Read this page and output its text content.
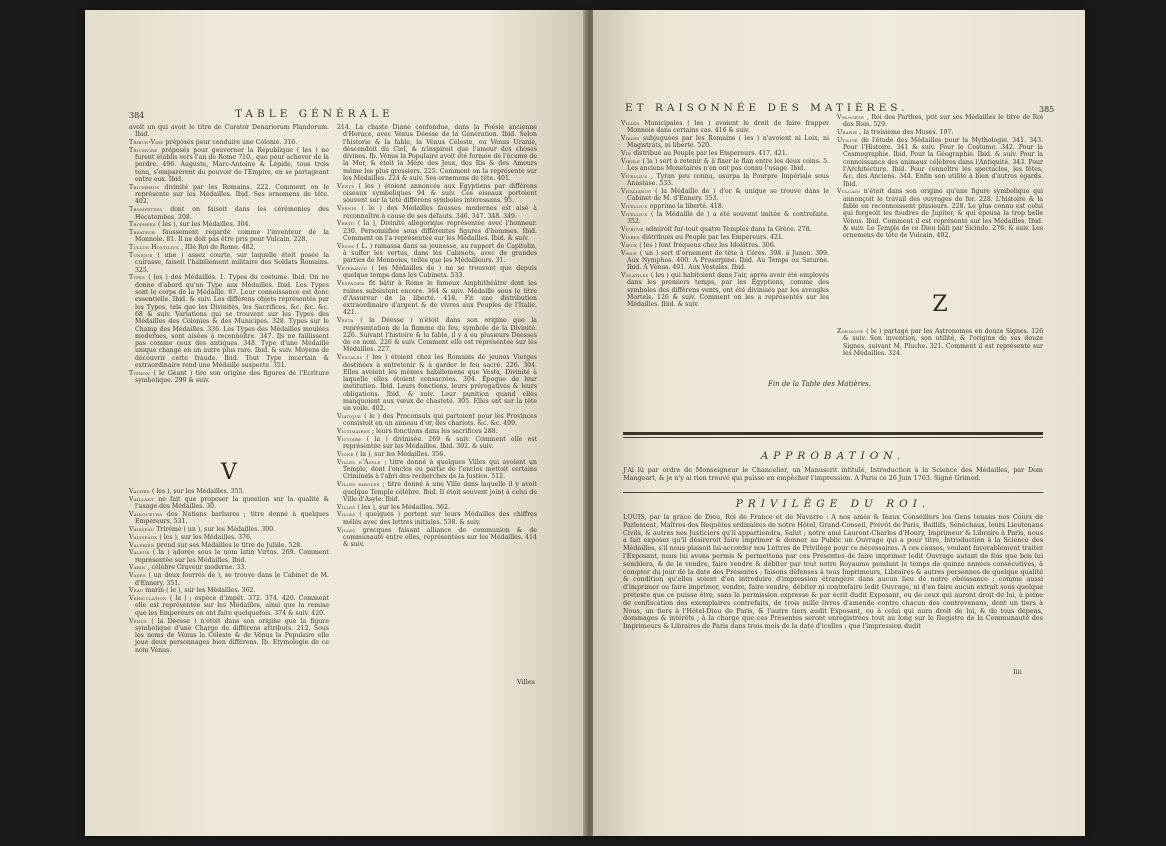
384	TABLE GÉNÉRALE

avoit un qui avoit le titre de Curator Denariorum Flandorum. Ibid.

Tribun-Vire préposés pour conduire une Colonie. 316.

Triumvire préposés pour gouverner la République ( les ) ne furent établis vers l'an de Rome 710., que pour achever de la perdre. 496. Auguste, Marc-Antoine & Lépide, tous trois tenu, s'emparèrent du pouvoir de l'Empire, en se partageant entre eux. Ibid.

Triumphus divinité par les Romains. 222. Comment on le représente sur les Médailles. Ibid. Ses ornemens de tête. 402.

Trompettes dont on faisoit dans les cérémonies des Hécatombes. 208.

Trophées ( les ), sur les Médailles. 304.

Trsateur faussement regardé comme l'inventeur de la Monnoie. 81. Il ne doit pas être pris pour Vulcain. 228.

Tullus Hostilius , IIIe Roi de Rome. 482.

Tunique ( une ) assez courte, sur laquelle étoit posée la cuirasse, faisoit l'habillement militaire des Soldats Romains. 325.

Types ( les ) des Médailles. 1. Types du costume. Ibid. On ne donne d'abord qu'un Type aux Médailles. Ibid. Les Types sont le corps de la Médaille. 67. Leur connoissance est donc essentielle. Ibid. & suiv. Les différens objets représentés par les Types, tels que les Divinités, les Sacrifices, &c. &c. &c. 68 & suiv. Variations qui se trouvent sur les Types des Médailles des Colonies & des Municipes. 328. Types sur le Champ des Médailles. 336. Les Types des Médailles moulées modernes, sont aisées à reconnoître. 347. Ils ne faillissent pas comme ceux des antiques. 348. Type d'une Médaille unique changé en un autre plus rare. Ibid. & suiv. Moyens de découvrir cette fraude. Ibid. Tout Type incertain & extraordinaire rend une Médaille suspecte. 351.

Typhon ( le Géant ) tire son origine des figures de l'Ecriture symbolique. 299 & suiv.

V

Vaches ( les ), sur les Médailles. 355.

Vaillant ne fait que proposer la question sur la qualité & l'usage des Médailles. 30.

Vainqueurs des Nations barbares ; titre donné à quelques Empereurs. 531.

Vaisseau Triréme ( un ), sur les Médailles. 390.

Vaisseaux ( les ), sur les Médailles. 376.

Valérien prend sur ses Médailles le titre de Jubile. 528.

Valeur ( la ) adorée sous le nom latin Virtus. 269. Comment représentée sur les Médailles. Ibid.

Varin , célèbre Graveur moderne. 33.

Vases ( un deux fourrés de ), se trouve dans le Cabinet de M. d'Ennery. 351.

Veau marin ( le ), sur les Médailles. 362.

Vehiculation ( la ) ; espèce d'impôt. 372. 374. 420. Comment elle est représentée sur les Médailles, ainsi que la remise que les Empereurs en ont faite quelquefois. 374 & suiv. 420.

Vénus ( la Déesse ) n'étoit dans son origine que la figure symbolique d'une Charge de différens attributs. 212. Sous les noms de Vénus la Céleste & de Vénus la Populaire elle joue deux personnages bien différens. Ib. Etymologie de ce nom Vénus.

214. La chaste Diane confondue, dans la Poésie ancienne d'Horace, avec Vénus Déesse de la Génération. Ibid. Selon l'historie & la fable, la Vénus Céleste, ou Vénus Uranie, descendoit du Ciel, & n'inspiroit que l'amour des choses divines. Ib. Vénus la Populaire avoit été formée de l'écume de la Mer, & étoit la Mère des Jeux, des Ris & des Amours même les plus grossiers. 225. Comment on la représente sur les Médailles. 224 & suiv. Ses ornemens de tête. 401.

Vents ( les ) étoient annoncés aux Égyptiens par différens oiseaux symboliques 94 & suiv. Ces oiseaux portoient souvent sur la tête différens symboles intéressans. 95.

Vernis ( le ) des Médailles fausses modernes est aisé à reconnoître à cause de ses défauts. 346. 347. 348. 349.

Vertu ( la ), Divinité allégorique représentée avec l'honneur. 230. Personnifiée sous différentes figures d'hommes. Ibid. Comment on l'a représentée sur les Médailles. Ibid. & suiv.

Vesos ( L. ) ramassa dans sa jeunesse, au rapport de Capitolin, à suffer les vertus, dans les Cabinets, avec de grandes parties de Monnoies, telles que les Médailleurs. 31.

Vétérance ( les Médailles de ) ne se trouvent que depuis quelque temps dans les Cabinets. 533.

Vespasien fit bâtir à Rome le fameux Amphithéâtre dont les ruines subsistent encore. 364 & suiv. Médaille sous le titre d'Assureur de la liberté. 418. Fit une distribution extraordinaire d'argent & de vivres aux Peuples de l'Italie. 421.

Vesta ( la Déesse ) n'étoit dans son origine que la représentation de la flamme du feu, symbole de la Divinité. 226. Suivant l'histoire & la fable, il y a eu plusieurs Déesses de ce nom. 226 & suiv. Comment elle est représentée sur les Médailles. 227.

Vestales ( les ) étoient chez les Romains de jeunes Vierges destinées à entretenir & à garder le feu sacré. 226. 304. Elles avoient les mêmes habillemens que Vesta, Divinité à laquelle elles étoient consacrées. 304. Époque de leur institution. Ibid. Leurs fonctions, leurs prérogatives & leurs obligations. Ibid. & suiv. Leur punition quand elles manquoient aux vœux de chasteté. 305. Elles ont sur la tête un voile. 402.

Viatique ( le ) des Proconsuls qui partoient pour les Provinces consistoit en un anneau d'or, des chariots. &c. &c. 499.

Victimaires ; leurs fonctions dans les sacrifices 288.

Victoire ( la ) divinisée. 269 & suiv. Comment elle est représentée sur les Médailles. Ibid. 392. & suiv.

Vigne ( la ), sur les Médailles. 356.

Villes d'Asyle ; titre donné à quelques Villes qui avoient un Temple, dont l'enclos ou partie de l'enclos mettoit certains Criminels à l'abri des recherches de la Justice. 512.

Villes faroles ; titre donné à une Ville dans laquelle il y avoit quelque Temple célèbre. Ibid. Il étoit souvent joint à celui de Ville d'Asyle. Ibid.

Villes ( les ), sur les Médailles. 362.

Villes ( quelques ) portent sur leurs Médailles des chiffres mêlés avec des lettres initiales. 538. & suiv.

Villes grecques faisant alliance de communion & de communauté entre elles, représentées sur les Médailles. 414 & suiv.

Villes
ET RAISONNÉE DES MATIÈRES.	385

Villes Municipales ( les ) avoient le droit de faire frapper Monnoie dans certains cas. 416 & suiv.

Villes subjuguées par les Romains ( les ) n'avoient ni Loix, ni Magistrats, ni liberté. 520.

Vin distribué au Peuple par les Empereurs. 417. 421.

Virole ( la ) sert à retenir & à fixer le flan entre les deux coins. 5. Les anciens Monétaires n'en ont pas connu l'usage. Ibid.

Vitellius , Tyran peu connu, usurpa la Pourpre Impériale sous Anastase. 533.

Vitalianus ( la Médaille de ) d'or & unique se trouve dans le Cabinet de M. d'Ennery. 553.

Vitellius opprime la liberté. 418.

Vitellius ( la Médaille de ) a été souvent imitée & contrefaite. 352.

Vitruve admiroit fur-tout quatre Temples dans la Grèce. 278.

Vivres distribués au Peuple par les Empereurs. 421.

Vœux ( les ) font fréquens chez les Idolâtres. 306.

Voile ( un ) sert d'ornement de tête à Cérès. 398. à Junon. 399. Aux Nymphes. 400. A Proserpine. Ibid. Au Temps ou Saturne. Ibid. À Vénus. 401. Aux Vestales. Ibid.

Volatiles ( les ) qui habitoient dans l'air, après avoir été employés dans les premiers temps, par les Égyptiens, comme des symboles des différens vents, ont été divinisés par les aveugles Mortels. 126 & suiv. Comment on les a représentés sur les Médailles. Ibid. & suiv.

Vologèse , Roi des Parthes, prit sur ses Médailles le titre de Roi des Rois. 529.

Uranie , la troisième des Muses. 197.

Utilité de l'étude des Médailles pour la Mythologie. 341. 343. Pour l'Histoire. 341 & suiv. Pour le Costume. 342. Pour la Cosmographie. Ibid. Pour la Géographie. Ibid. & suiv. Pour la connoissance des animaux célèbres dans l'Antiquité. 343. Pour l'Architecture. Ibid. Pour connoître les spectacles, les fêtes, &c. des Anciens. 344. Enfin son utilité à bien d'autres égards. Ibid.

Vulcain n'étoit dans son origine qu'une figure symbolique qui annonçoit le travail des ouvrages de fer. 228. L'histoire & la fable en reconnoissent plusieurs. 228. Le plus connu est celui qui forgeoit les foudres de Jupiter, & qui épousa la trop belle Vénus. Ibid. Comment il est représenté sur les Médailles. Ibid. & suiv. Le Temple de ce Dieu bâti par Sicindo. 276. & suiv. Les ornemens de tête de Vulcain. 402.

Z

Zodiaque ( le ) partagé par les Astronomes en douze Signes. 126 & suiv. Son invention, son utilité, & l'origine de ses douze Signes, suivant M. Pluche. 321. Comment il est représenté sur les Médailles. 324.

Fin de la Table des Matières.
APPROBATION.
J'Ai lû par ordre de Monseigneur le Chancelier, un Manuscrit intitulé, Introduction à la Science des Médailles, par Dom Mangeart, & je n'y ai rien trouvé qui puisse en empêcher l'impression. A Paris ce 26 Juin 1763. Signé Grimod.
PRIVILÈGE DU ROI.
LOUIS, par la grâce de Dieu, Roi de France et de Navarre : A nos amés & féaux Conseillers les Gens tenans nos Cours de Parlement, Maîtres des Requêtes ordinaires de notre Hôtel, Grand-Conseil, Prévôt de Paris, Baillifs, Sénéchaux, leurs Lieutenans Civils, & autres nos Justiciers qu'il appartiendra, Salut ; notre amé Laurent-Charles d'Houry, Imprimeur & Libraire à Paris, nous a fait exposer qu'il désireroit faire imprimer & donner au Public un Ouvrage qui a pour titre, Introduction à la Science des Médailles, s'il nous plaisoit lui accorder nos Lettres de Privilège pour ce nécessaires. A ces causes, voulant favorablement traiter l'Exposant, nous lui avons permis & permettons par ces Présentes de faire imprimer ledit Ouvrage autant de fois que bon lui semblera, & de le vendre, faire vendre & débiter par tout notre Royaume pendant le temps de quinze années consécutives, à compter du jour de la date des Présentes ; faisons défenses à tous Imprimeurs, Libraires & autres personnes de quelque qualité & condition qu'elles soient d'en introduire d'impression étrangère dans aucun lieu de notre obéissance ; comme aussi d'imprimer ou faire imprimer, vendre, faire vendre, débiter ni contrefaire ledit Ouvrage, ni d'en faire aucun extrait sous quelque prétexte que ce puisse être, sans la permission expresse & par écrit dudit Exposant, ou de ceux qui auront droit de lui, à peine de confiscation des exemplaires contrefaits, de trois mille livres d'amende contre chacun des contrevenans, dont un tiers à Nous, un tiers à l'Hôtel-Dieu de Paris, & l'autre tiers audit Exposant, ou à celui qui aura droit de lui, & de tous dépens, dommages & intérêts ; à la charge que ces Présentes seront enregistrées tout au long sur le Registre de la Communauté des Imprimeurs & Libraires de Paris dans trois mois de la date d'icelles ; que l'impression dudit
Iiii
